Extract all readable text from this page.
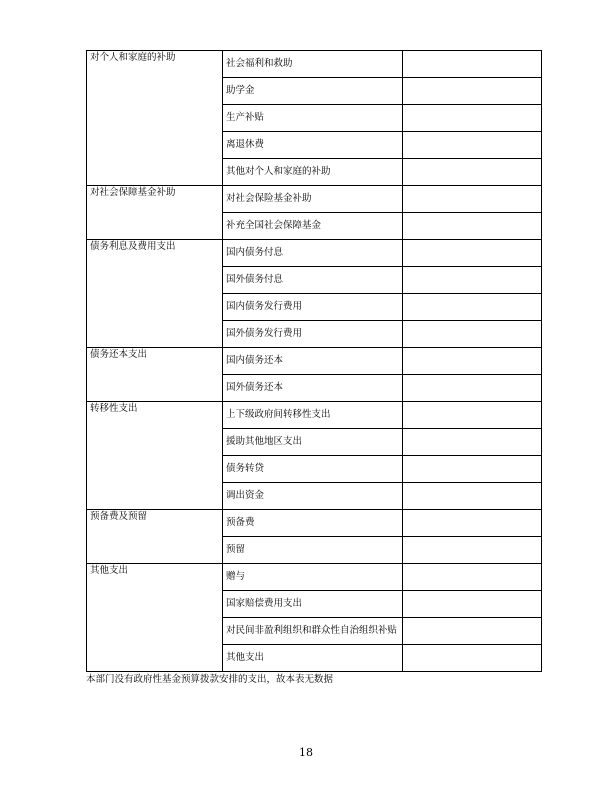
对个人和家庭的补助	社会福利和救助	
	助学金	
	生产补贴	
	离退休费	
	其他对个人和家庭的补助	
对社会保障基金补助	对社会保险基金补助	
	补充全国社会保障基金	
债务利息及费用支出	国内债务付息	
	国外债务付息	
	国内债务发行费用	
	国外债务发行费用	
债务还本支出	国内债务还本	
	国外债务还本	
转移性支出	上下级政府间转移性支出	
	援助其他地区支出	
	债务转贷	
	调出资金	
预备费及预留	预备费	
	预留	
其他支出	赠与	
	国家赔偿费用支出	
	对民间非盈利组织和群众性自治组织补贴	
	其他支出	
本部门没有政府性基金预算拨款安排的支出，故本表无数据
18
